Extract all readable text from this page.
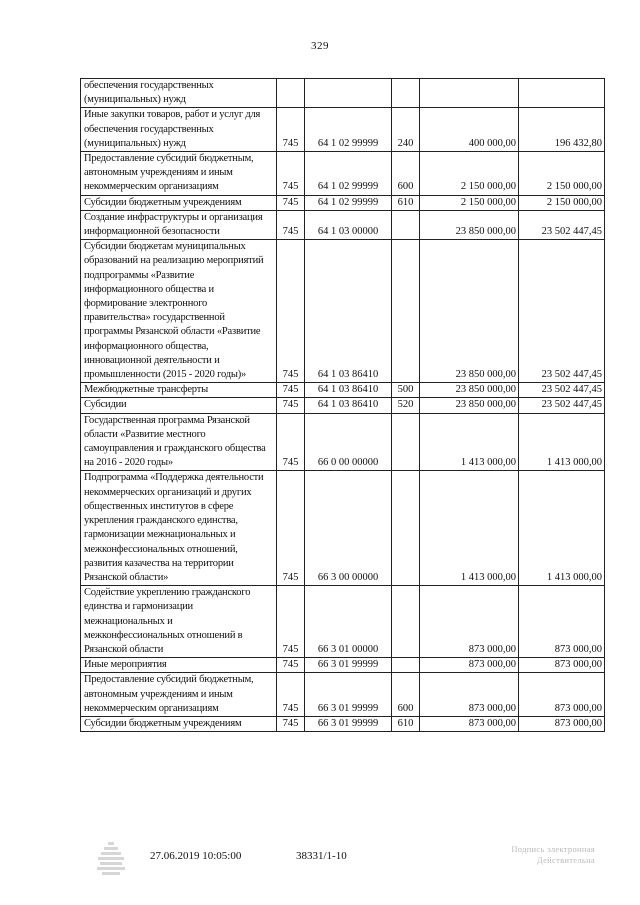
329
обеспечения государственных (муниципальных) нужд					
Иные закупки товаров, работ и услуг для обеспечения государственных (муниципальных) нужд	745	64 1 02 99999	240	400 000,00	196 432,80
Предоставление субсидий бюджетным, автономным учреждениям и иным некоммерческим организациям	745	64 1 02 99999	600	2 150 000,00	2 150 000,00
Субсидии бюджетным учреждениям	745	64 1 02 99999	610	2 150 000,00	2 150 000,00
Создание инфраструктуры и организация информационной безопасности	745	64 1 03 00000		23 850 000,00	23 502 447,45
Субсидии бюджетам муниципальных образований на реализацию мероприятий подпрограммы «Развитие информационного общества и формирование электронного правительства» государственной программы Рязанской области «Развитие информационного общества, инновационной деятельности и промышленности (2015 - 2020 годы)»	745	64 1 03 86410		23 850 000,00	23 502 447,45
Межбюджетные трансферты	745	64 1 03 86410	500	23 850 000,00	23 502 447,45
Субсидии	745	64 1 03 86410	520	23 850 000,00	23 502 447,45
Государственная программа Рязанской области «Развитие местного самоуправления и гражданского общества на 2016 - 2020 годы»	745	66 0 00 00000		1 413 000,00	1 413 000,00
Подпрограмма «Поддержка деятельности некоммерческих организаций и других общественных институтов в сфере укрепления гражданского единства, гармонизации межнациональных и межконфессиональных отношений, развития казачества на территории Рязанской области»	745	66 3 00 00000		1 413 000,00	1 413 000,00
Содействие укреплению гражданского единства и гармонизации межнациональных и межконфессиональных отношений в Рязанской области	745	66 3 01 00000		873 000,00	873 000,00
Иные мероприятия	745	66 3 01 99999		873 000,00	873 000,00
Предоставление субсидий бюджетным, автономным учреждениям и иным некоммерческим организациям	745	66 3 01 99999	600	873 000,00	873 000,00
Субсидии бюджетным учреждениям	745	66 3 01 99999	610	873 000,00	873 000,00
27.06.2019 10:05:00	38331/1-10
Подпись электронная
Действительна
